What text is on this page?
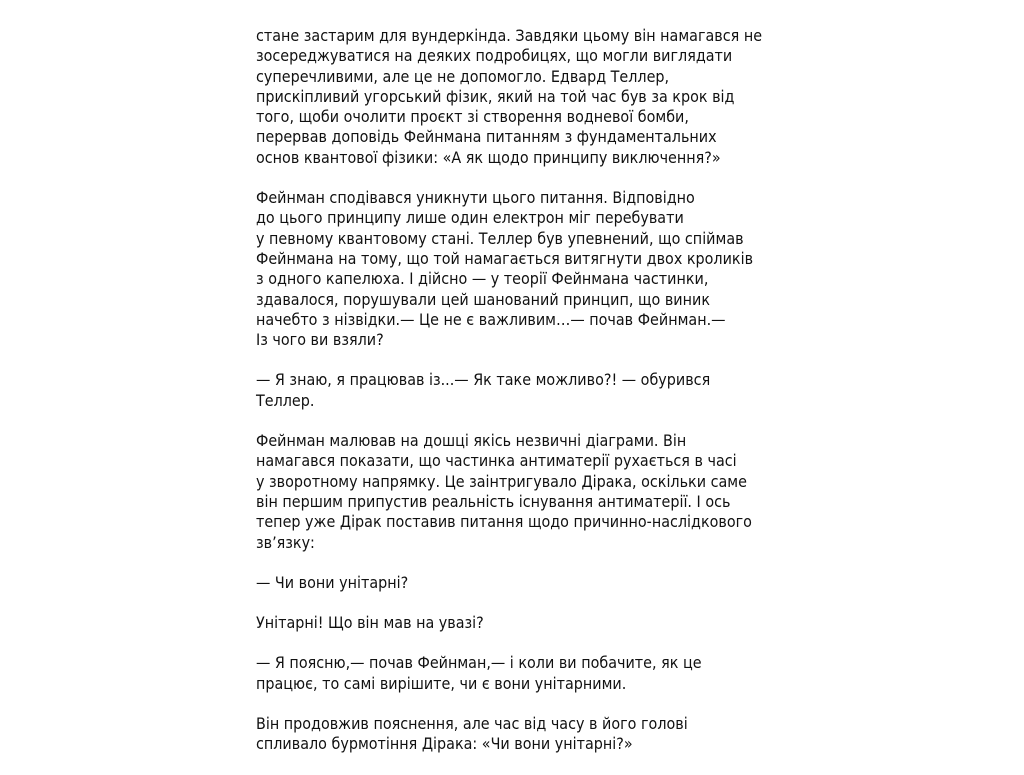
стане застарим для вундеркінда. Завдяки цьому він намагався не
зосереджуватися на деяких подробицях, що могли виглядати
суперечливими, але це не допомогло. Едвард Теллер,
прискіпливий угорський фізик, який на той час був за крок від
того, щоби очолити проєкт зі створення водневої бомби,
перервав доповідь Фейнмана питанням з фундаментальних
основ квантової фізики: «А як щодо принципу виключення?»

Фейнман сподівався уникнути цього питання. Відповідно
до цього принципу лише один електрон міг перебувати
у певному квантовому стані. Теллер був упевнений, що спіймав
Фейнмана на тому, що той намагається витягнути двох кроликів
з одного капелюха. І дійсно — у теорії Фейнмана частинки,
здавалося, порушували цей шанований принцип, що виник
начебто з нізвідки.— Це не є важливим…— почав Фейнман.—
Із чого ви взяли?

— Я знаю, я працював із...— Як таке можливо?! — обурився
Теллер.

Фейнман малював на дошці якісь незвичні діаграми. Він
намагався показати, що частинка антиматерії рухається в часі
у зворотному напрямку. Це заінтригувало Дірака, оскільки саме
він першим припустив реальність існування антиматерії. І ось
тепер уже Дірак поставив питання щодо причинно-наслідкового
зв’язку:

— Чи вони унітарні?

Унітарні! Що він мав на увазі?

— Я поясню,— почав Фейнман,— і коли ви побачите, як це
працює, то самі вирішите, чи є вони унітарними.

Він продовжив пояснення, але час від часу в його голові
спливало бурмотіння Дірака: «Чи вони унітарні?»
